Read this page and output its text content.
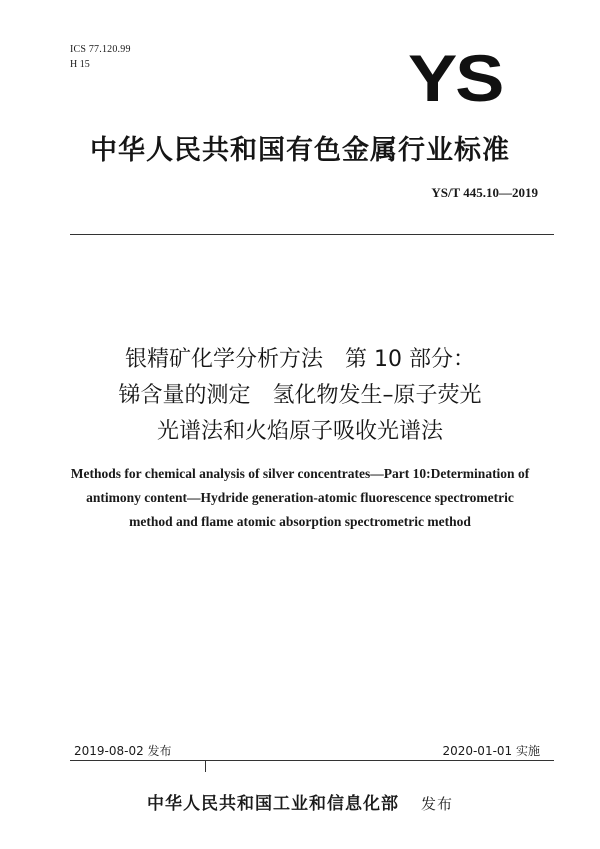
ICS 77.120.99
H 15	YS
中华人民共和国有色金属行业标准
YS/T 445.10—2019
银精矿化学分析方法　第 10 部分：
锑含量的测定　氢化物发生–原子荧光
光谱法和火焰原子吸收光谱法
Methods for chemical analysis of silver concentrates—Part 10:Determination of
antimony content—Hydride generation-atomic fluorescence spectrometric
method and flame atomic absorption spectrometric method
2019-08-02 发布	2020-01-01 实施
中华人民共和国工业和信息化部 发布
